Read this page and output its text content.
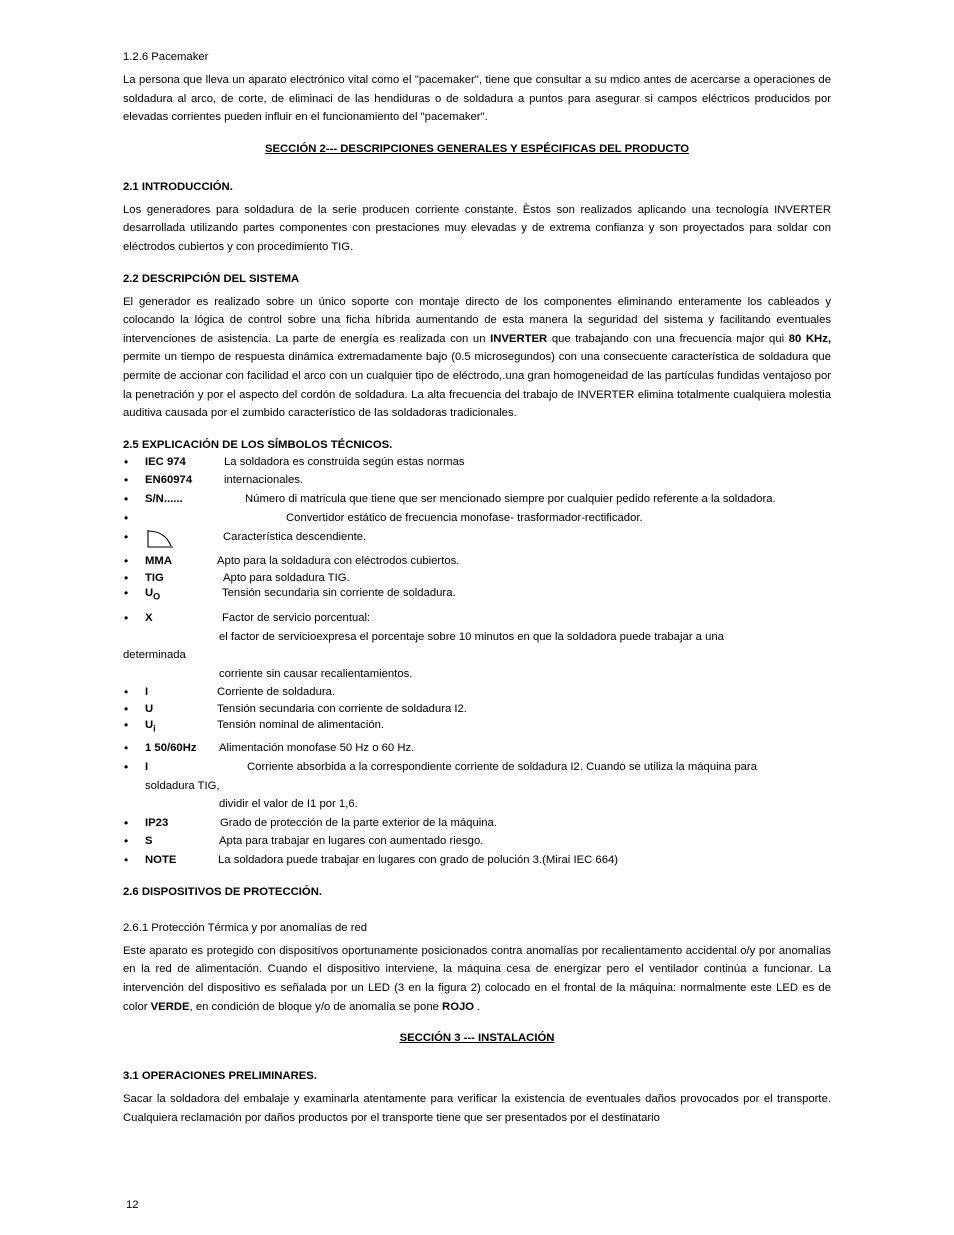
1.2.6 Pacemaker

La persona que lleva un aparato electrónico vital como el "pacemaker", tiene que consultar a su mdico antes de acercarse a operaciones de soldadura al arco, de corte, de eliminaci de las hendiduras o de soldadura a puntos para asegurar si campos eléctricos producidos por elevadas corrientes pueden influir en el funcionamiento del "pacemaker".

SECCIÓN 2--- DESCRIPCIONES GENERALES Y ESPÉCIFICAS DEL PRODUCTO

2.1 INTRODUCCIÓN.

Los generadores para soldadura de la serie producen corriente constante. Èstos son realizados aplicando una tecnología INVERTER desarrollada utilizando partes componentes con prestaciones muy elevadas y de extrema confianza y son proyectados para soldar con eléctrodos cubiertos y con procedimiento TIG.

2.2 DESCRIPCIÓN DEL SISTEMA

El generador es realizado sobre un único soporte con montaje directo de los componentes eliminando enteramente los cableados y colocando la lógica de control sobre una ficha híbrida aumentando de esta manera la seguridad del sistema y facilitando eventuales intervenciones de asistencia. La parte de energía es realizada con un INVERTER que trabajando con una frecuencia major qui 80 KHz, permite un tiempo de respuesta dinámica extremadamente bajo (0.5 microsegundos) con una consecuente característica de soldadura que permite de accionar con facilidad el arco con un cualquier tipo de eléctrodo,.una gran homogeneidad de las partículas fundidas ventajoso por la penetración y por el aspecto del cordón de soldadura. La alta frecuencia del trabajo de INVERTER elimina totalmente cualquiera molestia auditiva causada por el zumbido característico de las soldadoras tradicionales.

2.5 EXPLICACIÓN DE LOS SÍMBOLOS TÉCNICOS.

• IEC 974	La soldadora es construida según estas normas
• EN60974	internacionales.
• S/N......	Número di matricula que tiene que ser mencionado siempre por cualquier pedido referente a la soldadora.
• Convertidor estático de frecuencia monofase- trasformador-rectificador.
• Característica descendiente.
• MMA	Apto para la soldadura con eléctrodos cubiertos.
• TIG	Apto para soldadura TIG.
• $U_O$	Tensión secundaria sin corriente de soldadura.
• X	Factor de servicio porcentual:

el factor de servicioexpresa el porcentaje sobre 10 minutos en que la soldadora puede trabajar a una

determinada

corriente sin causar recalientamientos.

• I	Corriente de soldadura.
• U	Tensión secundaria con corriente de soldadura I2.
• $U_i$	Tensión nominal de alimentación.
• 1 50/60Hz Alimentación monofase 50 Hz o 60 Hz.
• I	Corriente absorbida a la correspondiente corriente de soldadura I2. Cuando se utiliza la máquina para

soldadura TIG,

dividir el valor de I1 por 1,6.

• IP23	Grado de protección de la parte exterior de la máquina.
• S	Apta para trabajar en lugares con aumentado riesgo.
• NOTE	La soldadora puede trabajar en lugares con grado de polución 3.(Mirai IEC 664)

2.6 DISPOSITIVOS DE PROTECCIÓN.

2.6.1 Protección Térmica y por anomalías de red

Este aparato es protegido con dispositívos oportunamente posicionados contra anomalías por recalientamento accidental o/y por anomalías en la red de alimentación. Cuando el dispositivo interviene, la máquina cesa de energizar pero el ventilador continúa a funcionar. La intervención del dispositivo es señalada por un LED (3 en la figura 2) colocado en el frontal de la máquina: normalmente este LED es de color VERDE, en condición de bloque y/o de anomalía se pone ROJO .

SECCIÓN 3 --- INSTALACIÓN

3.1 OPERACIONES PRELIMINARES.

Sacar la soldadora del embalaje y examinarla atentamente para verificar la existencia de eventuales daños provocados por el transporte. Cualquiera reclamación por daños productos por el transporte tiene que ser presentados por el destinatario

12
